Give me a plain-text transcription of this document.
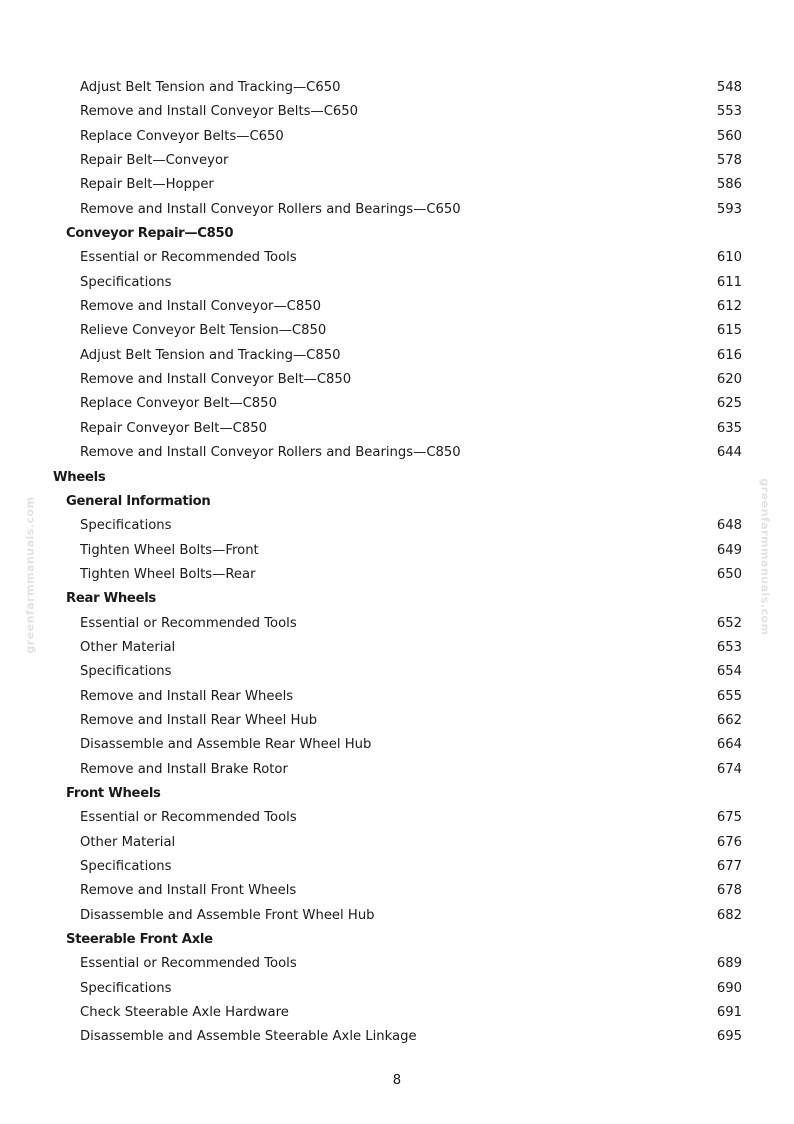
greenfarmmanuals.com	greenfarmmanuals.com
Adjust Belt Tension and Tracking—C650	548
Remove and Install Conveyor Belts—C650	553
Replace Conveyor Belts—C650	560
Repair Belt—Conveyor	578
Repair Belt—Hopper	586
Remove and Install Conveyor Rollers and Bearings—C650	593
Conveyor Repair—C850
Essential or Recommended Tools	610
Specifications	611
Remove and Install Conveyor—C850	612
Relieve Conveyor Belt Tension—C850	615
Adjust Belt Tension and Tracking—C850	616
Remove and Install Conveyor Belt—C850	620
Replace Conveyor Belt—C850	625
Repair Conveyor Belt—C850	635
Remove and Install Conveyor Rollers and Bearings—C850	644
Wheels
General Information
Specifications	648
Tighten Wheel Bolts—Front	649
Tighten Wheel Bolts—Rear	650
Rear Wheels
Essential or Recommended Tools	652
Other Material	653
Specifications	654
Remove and Install Rear Wheels	655
Remove and Install Rear Wheel Hub	662
Disassemble and Assemble Rear Wheel Hub	664
Remove and Install Brake Rotor	674
Front Wheels
Essential or Recommended Tools	675
Other Material	676
Specifications	677
Remove and Install Front Wheels	678
Disassemble and Assemble Front Wheel Hub	682
Steerable Front Axle
Essential or Recommended Tools	689
Specifications	690
Check Steerable Axle Hardware	691
Disassemble and Assemble Steerable Axle Linkage	695
8
